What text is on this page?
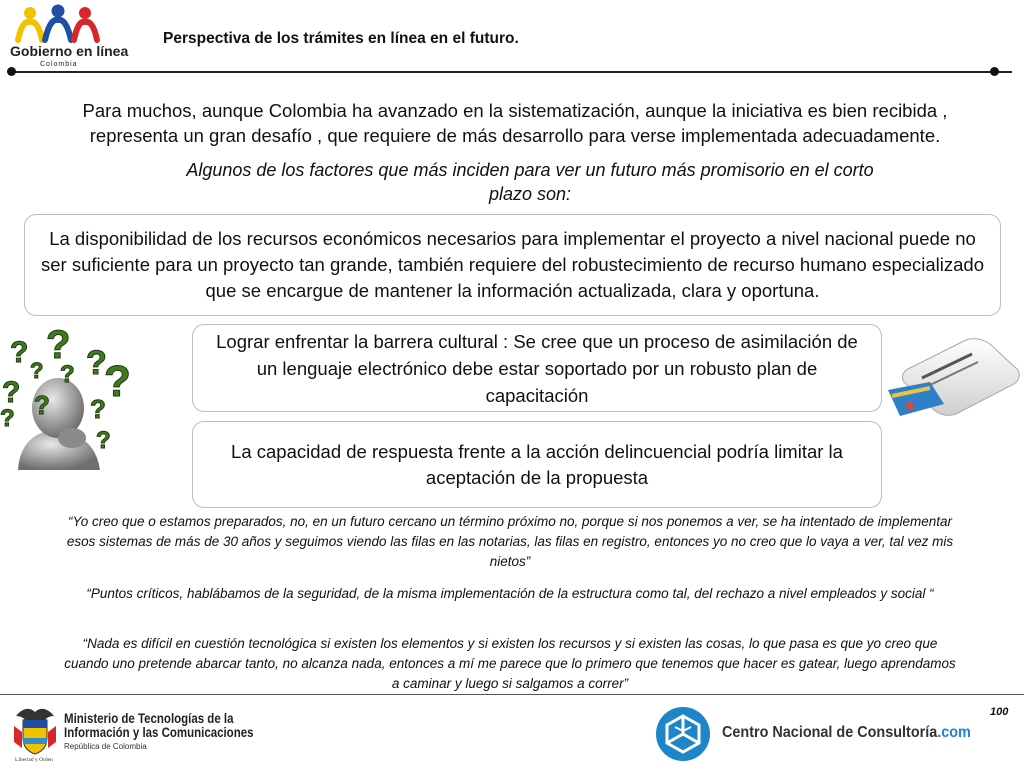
Gobierno en línea
Colombia
Perspectiva de los trámites en línea en el futuro.
Para muchos, aunque Colombia ha avanzado en la sistematización, aunque la iniciativa es bien recibida , representa un gran desafío , que requiere de más desarrollo para verse implementada adecuadamente.
Algunos de los factores que más inciden para ver un futuro más promisorio en el corto plazo son:
La disponibilidad de los recursos económicos necesarios para implementar el proyecto a nivel nacional puede no ser suficiente para un proyecto tan grande, también requiere del robustecimiento de recurso humano especializado que se encargue de mantener la información actualizada, clara y oportuna.
Lograr enfrentar la barrera cultural : Se cree que un proceso de asimilación de un lenguaje electrónico debe estar soportado por un robusto plan de capacitación
La capacidad de respuesta frente a la acción delincuencial podría limitar la aceptación de la propuesta
? ?
? ? ?
?
?	?
?
?
?
“Yo creo que o estamos preparados, no, en un futuro cercano un término próximo no, porque si nos ponemos a ver, se ha intentado de implementar esos sistemas de más de 30 años y seguimos viendo las filas en las notarias, las filas en registro, entonces yo no creo que lo vaya a ver, tal vez mis nietos”
“Puntos críticos, hablábamos de la seguridad, de la misma implementación de la estructura como tal, del rechazo a nivel empleados y social “
“Nada es difícil en cuestión tecnológica si existen los elementos y si existen los recursos y si existen las cosas, lo que pasa es que yo creo que cuando uno pretende abarcar tanto, no alcanza nada, entonces a mí me parece que lo primero que tenemos que hacer es gatear, luego aprendamos a caminar y luego si salgamos a correr”
100
Libertad y Orden
Ministerio de Tecnologías de la
Información y las Comunicaciones
República de Colombia
Centro Nacional de Consultoría.com
